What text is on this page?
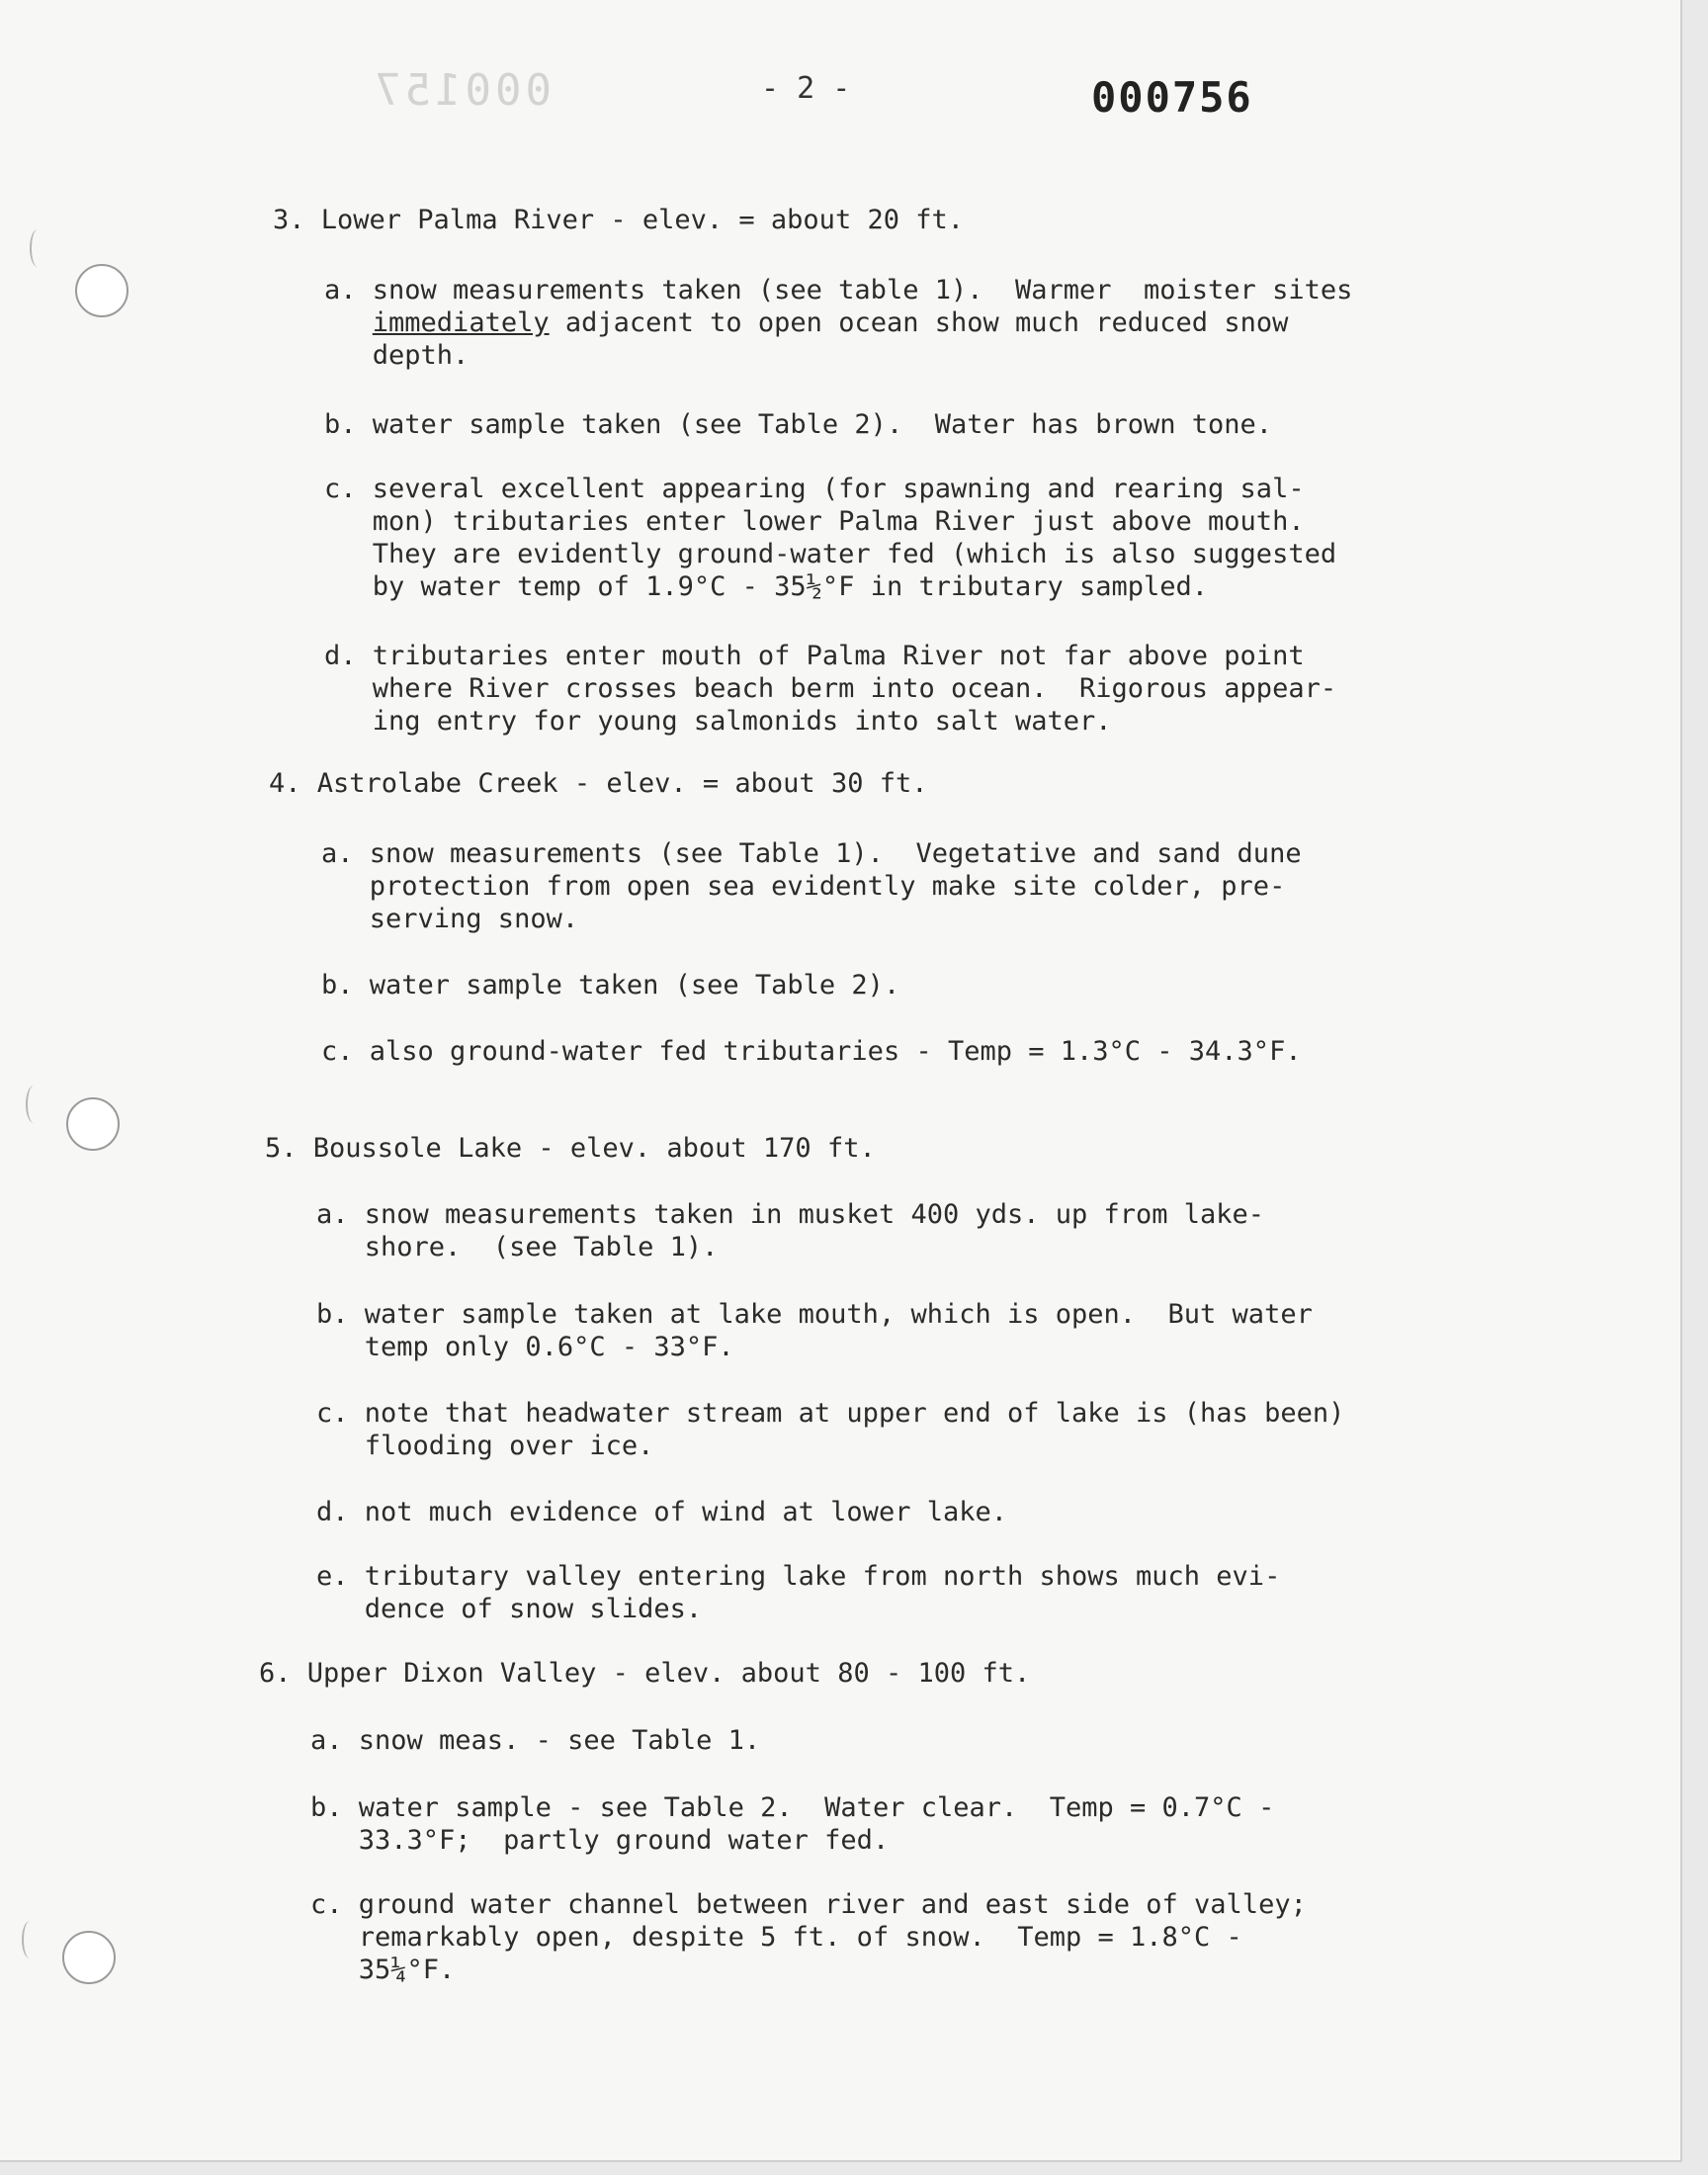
000157	- 2 -	000756
3. Lower Palma River - elev. = about 20 ft.
a. snow measurements taken (see table 1).  Warmer  moister sites
immediately adjacent to open ocean show much reduced snow
depth.
b. water sample taken (see Table 2).  Water has brown tone.
c. several excellent appearing (for spawning and rearing sal-
mon) tributaries enter lower Palma River just above mouth.
They are evidently ground-water fed (which is also suggested
by water temp of 1.9°C - 35½°F in tributary sampled.
d. tributaries enter mouth of Palma River not far above point
where River crosses beach berm into ocean.  Rigorous appear-
ing entry for young salmonids into salt water.
4. Astrolabe Creek - elev. = about 30 ft.
a. snow measurements (see Table 1).  Vegetative and sand dune
protection from open sea evidently make site colder, pre-
serving snow.
b. water sample taken (see Table 2).
c. also ground-water fed tributaries - Temp = 1.3°C - 34.3°F.
5. Boussole Lake - elev. about 170 ft.
a. snow measurements taken in musket 400 yds. up from lake-
shore.  (see Table 1).
b. water sample taken at lake mouth, which is open.  But water
temp only 0.6°C - 33°F.
c. note that headwater stream at upper end of lake is (has been)
flooding over ice.
d. not much evidence of wind at lower lake.
e. tributary valley entering lake from north shows much evi-
dence of snow slides.
6. Upper Dixon Valley - elev. about 80 - 100 ft.
a. snow meas. - see Table 1.
b. water sample - see Table 2.  Water clear.  Temp = 0.7°C -
33.3°F;  partly ground water fed.
c. ground water channel between river and east side of valley;
remarkably open, despite 5 ft. of snow.  Temp = 1.8°C -
35¼°F.
